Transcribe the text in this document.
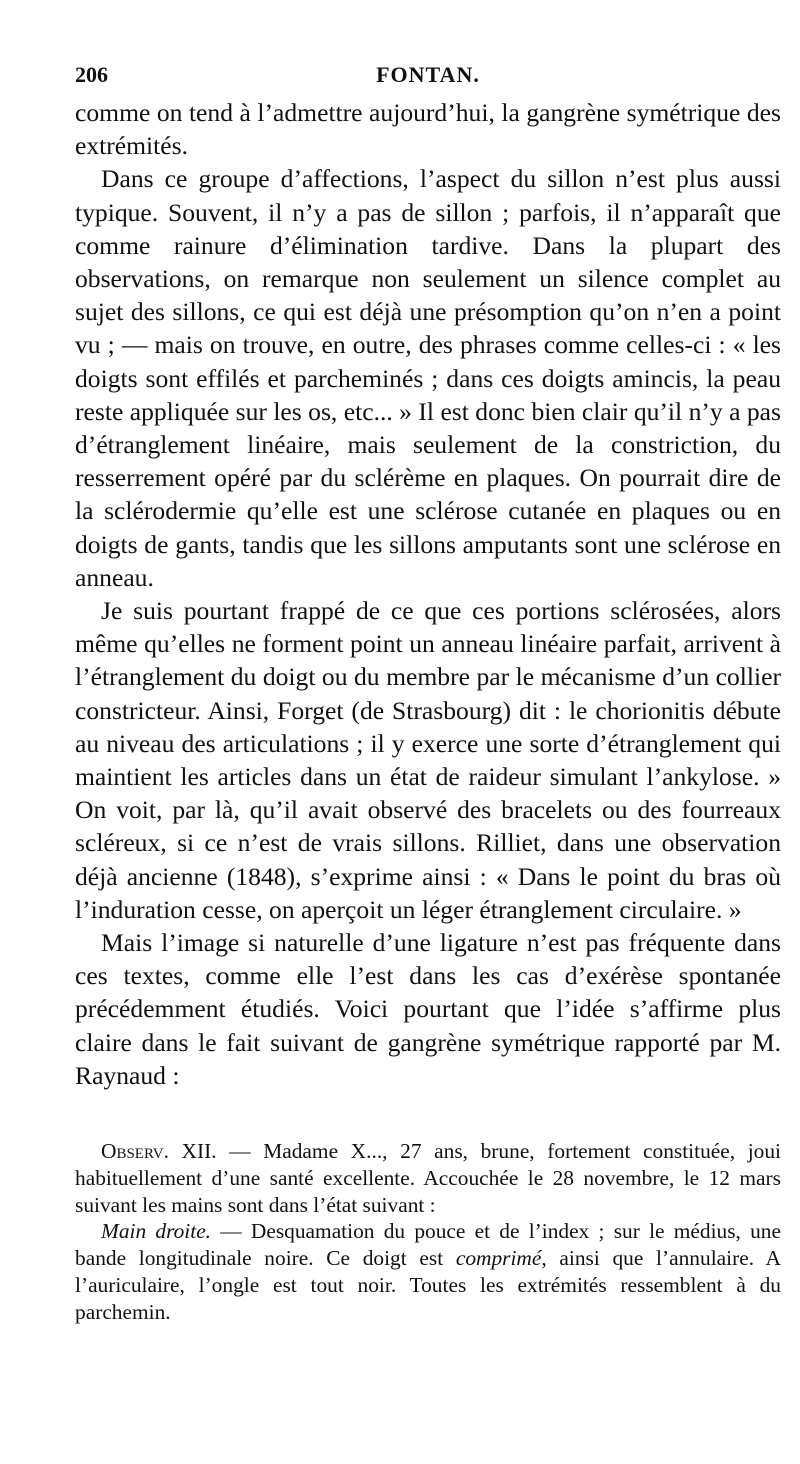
206	FONTAN.

comme on tend à l’admettre aujourd’hui, la gangrène symétrique des extrémités.

Dans ce groupe d’affections, l’aspect du sillon n’est plus aussi typique. Souvent, il n’y a pas de sillon ; parfois, il n’apparaît que comme rainure d’élimination tardive. Dans la plupart des observations, on remarque non seulement un silence complet au sujet des sillons, ce qui est déjà une présomption qu’on n’en a point vu ; — mais on trouve, en outre, des phrases comme celles-ci : « les doigts sont effilés et parcheminés ; dans ces doigts amincis, la peau reste appliquée sur les os, etc... » Il est donc bien clair qu’il n’y a pas d’étranglement linéaire, mais seulement de la constriction, du resserrement opéré par du sclérème en plaques. On pourrait dire de la sclérodermie qu’elle est une sclérose cutanée en plaques ou en doigts de gants, tandis que les sillons amputants sont une sclérose en anneau.

Je suis pourtant frappé de ce que ces portions sclérosées, alors même qu’elles ne forment point un anneau linéaire parfait, arrivent à l’étranglement du doigt ou du membre par le mécanisme d’un collier constricteur. Ainsi, Forget (de Strasbourg) dit : le chorionitis débute au niveau des articulations ; il y exerce une sorte d’étranglement qui maintient les articles dans un état de raideur simulant l’ankylose. » On voit, par là, qu’il avait observé des bracelets ou des fourreaux scléreux, si ce n’est de vrais sillons. Rilliet, dans une observation déjà ancienne (1848), s’exprime ainsi : « Dans le point du bras où l’induration cesse, on aperçoit un léger étranglement circulaire. »

Mais l’image si naturelle d’une ligature n’est pas fréquente dans ces textes, comme elle l’est dans les cas d’exérèse spontanée précédemment étudiés. Voici pourtant que l’idée s’affirme plus claire dans le fait suivant de gangrène symétrique rapporté par M. Raynaud :

Observ. XII. — Madame X..., 27 ans, brune, fortement constituée, joui habituellement d’une santé excellente. Accouchée le 28 novembre, le 12 mars suivant les mains sont dans l’état suivant :

Main droite. — Desquamation du pouce et de l’index ; sur le médius, une bande longitudinale noire. Ce doigt est comprimé, ainsi que l’annulaire. A l’auriculaire, l’ongle est tout noir. Toutes les extrémités ressemblent à du parchemin.
